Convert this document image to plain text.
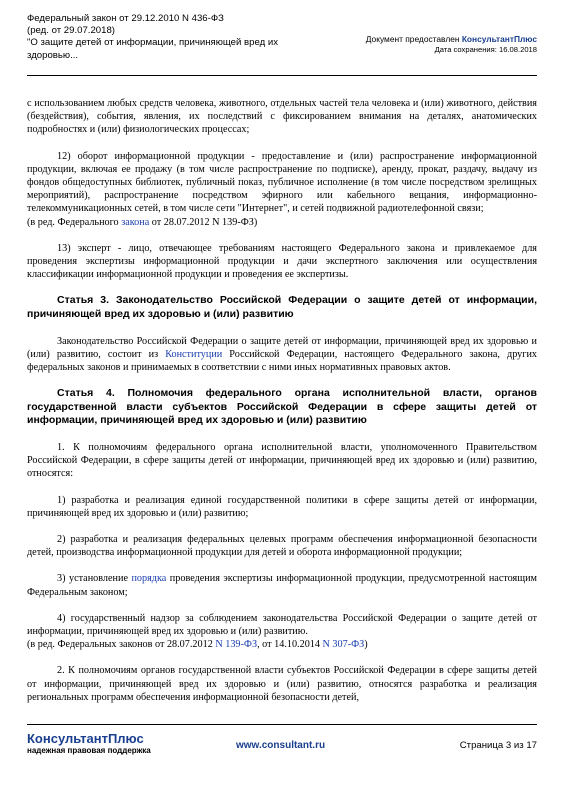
Федеральный закон от 29.12.2010 N 436-ФЗ
(ред. от 29.07.2018)
"О защите детей от информации, причиняющей вред их
здоровью...
Документ предоставлен КонсультантПлюс
Дата сохранения: 16.08.2018

с использованием любых средств человека, животного, отдельных частей тела человека и (или) животного, действия (бездействия), события, явления, их последствий с фиксированием внимания на деталях, анатомических подробностях и (или) физиологических процессах;

12) оборот информационной продукции - предоставление и (или) распространение информационной продукции, включая ее продажу (в том числе распространение по подписке), аренду, прокат, раздачу, выдачу из фондов общедоступных библиотек, публичный показ, публичное исполнение (в том числе посредством зрелищных мероприятий), распространение посредством эфирного или кабельного вещания, информационно-телекоммуникационных сетей, в том числе сети "Интернет", и сетей подвижной радиотелефонной связи;

(в ред. Федерального закона от 28.07.2012 N 139-ФЗ)

13) эксперт - лицо, отвечающее требованиям настоящего Федерального закона и привлекаемое для проведения экспертизы информационной продукции и дачи экспертного заключения или осуществления классификации информационной продукции и проведения ее экспертизы.

Статья 3. Законодательство Российской Федерации о защите детей от информации, причиняющей вред их здоровью и (или) развитию

Законодательство Российской Федерации о защите детей от информации, причиняющей вред их здоровью и (или) развитию, состоит из Конституции Российской Федерации, настоящего Федерального закона, других федеральных законов и принимаемых в соответствии с ними иных нормативных правовых актов.

Статья 4. Полномочия федерального органа исполнительной власти, органов государственной власти субъектов Российской Федерации в сфере защиты детей от информации, причиняющей вред их здоровью и (или) развитию

1. К полномочиям федерального органа исполнительной власти, уполномоченного Правительством Российской Федерации, в сфере защиты детей от информации, причиняющей вред их здоровью и (или) развитию, относятся:

1) разработка и реализация единой государственной политики в сфере защиты детей от информации, причиняющей вред их здоровью и (или) развитию;

2) разработка и реализация федеральных целевых программ обеспечения информационной безопасности детей, производства информационной продукции для детей и оборота информационной продукции;

3) установление порядка проведения экспертизы информационной продукции, предусмотренной настоящим Федеральным законом;

4) государственный надзор за соблюдением законодательства Российской Федерации о защите детей от информации, причиняющей вред их здоровью и (или) развитию.

(в ред. Федеральных законов от 28.07.2012 N 139-ФЗ, от 14.10.2014 N 307-ФЗ)

2. К полномочиям органов государственной власти субъектов Российской Федерации в сфере защиты детей от информации, причиняющей вред их здоровью и (или) развитию, относятся разработка и реализация региональных программ обеспечения информационной безопасности детей,

КонсультантПлюс
надежная правовая поддержка	www.consultant.ru	Страница 3 из 17
